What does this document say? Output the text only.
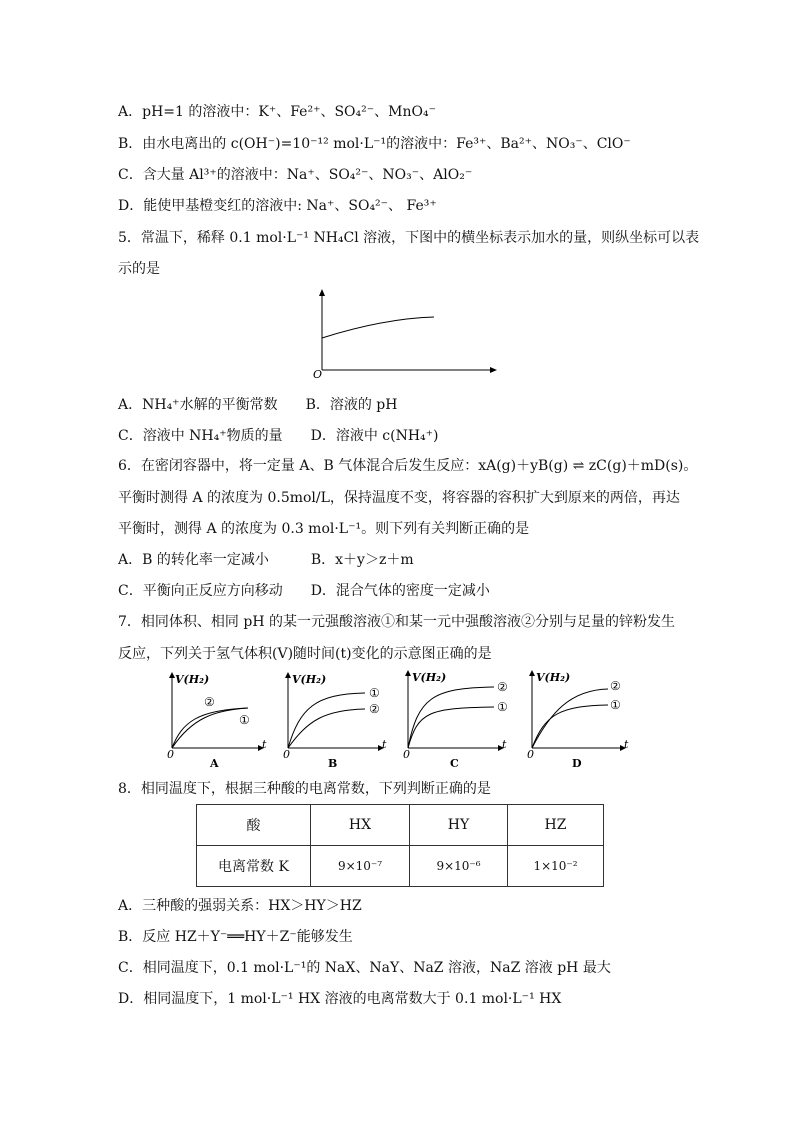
A．pH=1 的溶液中：K⁺、Fe²⁺、SO₄²⁻、MnO₄⁻
B．由水电离出的 c(OH⁻)=10⁻¹² mol·L⁻¹的溶液中：Fe³⁺、Ba²⁺、NO₃⁻、ClO⁻
C．含大量 Al³⁺的溶液中：Na⁺、SO₄²⁻、NO₃⁻、AlO₂⁻
D．能使甲基橙变红的溶液中: Na⁺、SO₄²⁻、 Fe³⁺
5．常温下，稀释 0.1 mol·L⁻¹ NH₄Cl 溶液，下图中的横坐标表示加水的量，则纵坐标可以表
示的是
O
A．NH₄⁺水解的平衡常数　　B．溶液的 pH
C．溶液中 NH₄⁺物质的量　　D．溶液中 c(NH₄⁺)
6．在密闭容器中，将一定量 A、B 气体混合后发生反应：xA(g)＋yB(g) ⇌ zC(g)＋mD(s)。
平衡时测得 A 的浓度为 0.5mol/L，保持温度不变，将容器的容积扩大到原来的两倍，再达
平衡时，测得 A 的浓度为 0.3 mol·L⁻¹。则下列有关判断正确的是
A．B 的转化率一定减小　　　B．x＋y＞z＋m
C．平衡向正反应方向移动　　D．混合气体的密度一定减小
7．相同体积、相同 pH 的某一元强酸溶液①和某一元中强酸溶液②分别与足量的锌粉发生
反应，下列关于氢气体积(V)随时间(t)变化的示意图正确的是
V(H₂)
②
①
0
t
A
V(H₂)
①
②
0
t
B
V(H₂)
②
①
0
t
C
V(H₂)
②
①
0
t
D
8．相同温度下，根据三种酸的电离常数，下列判断正确的是
酸	HX	HY	HZ
电离常数 K	9×10⁻⁷	9×10⁻⁶	1×10⁻²
A．三种酸的强弱关系：HX＞HY＞HZ
B．反应 HZ＋Y⁻══HY＋Z⁻能够发生
C．相同温度下，0.1 mol·L⁻¹的 NaX、NaY、NaZ 溶液，NaZ 溶液 pH 最大
D．相同温度下，1 mol·L⁻¹ HX 溶液的电离常数大于 0.1 mol·L⁻¹ HX
